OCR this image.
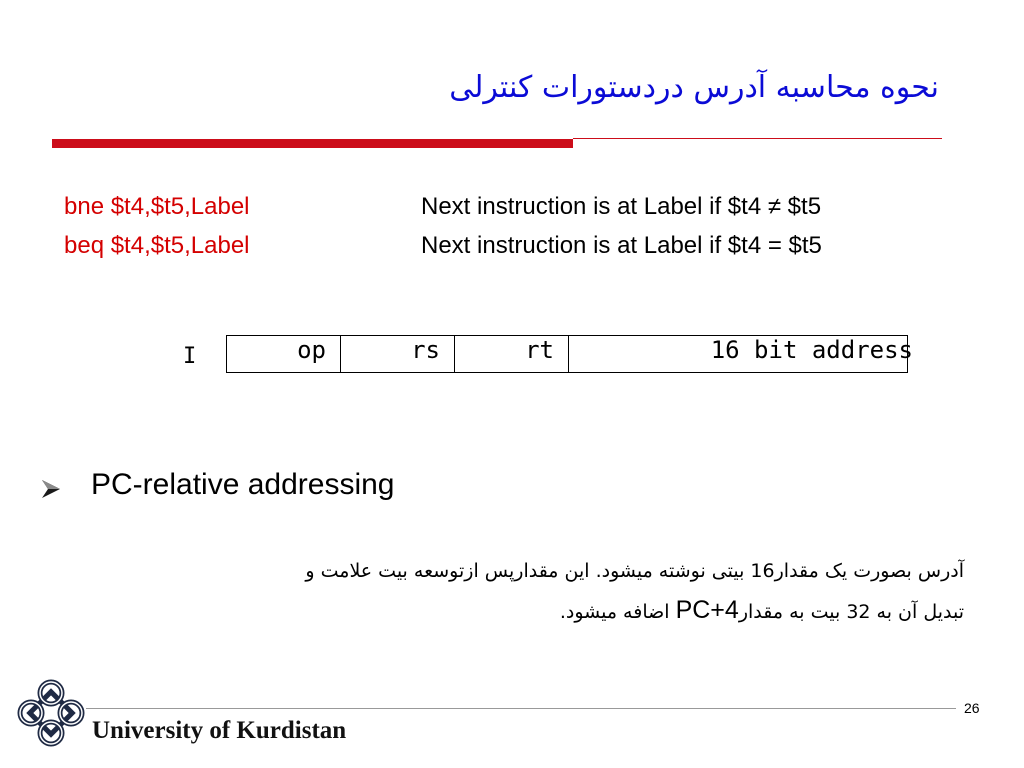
نحوه محاسبه آدرس دردستورات کنترلی
bne $t4,$t5,Label	Next instruction is at Label if $t4 ≠ $t5
beq $t4,$t5,Label	Next instruction is at Label if $t4 = $t5
I	op	rs	rt	16 bit address
PC-relative addressing
آدرس بصورت یک مقدار16 بیتی نوشته میشود. این مقدارپس ازتوسعه بیت علامت و
تبدیل آن به 32 بیت به مقدارPC+4 اضافه میشود.
University of Kurdistan
26
